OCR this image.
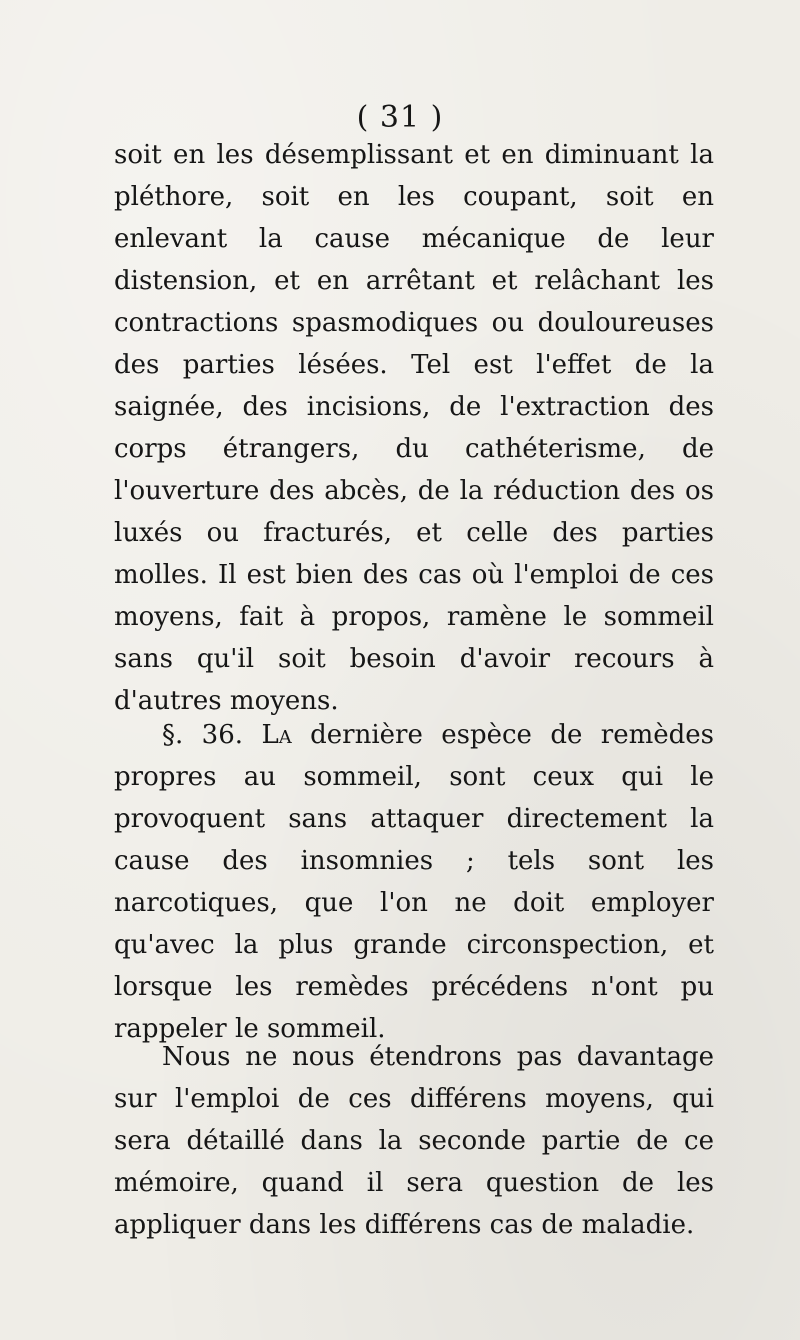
( 31 )

soit en les désemplissant et en diminuant la pléthore, soit en les coupant, soit en enlevant la cause mécanique de leur distension, et en arrêtant et relâchant les contractions spasmodiques ou douloureuses des parties lésées. Tel est l'effet de la saignée, des incisions, de l'extraction des corps étrangers, du cathéterisme, de l'ouverture des abcès, de la réduction des os luxés ou fracturés, et celle des parties molles. Il est bien des cas où l'emploi de ces moyens, fait à propos, ramène le sommeil sans qu'il soit besoin d'avoir recours à d'autres moyens.

§. 36. La dernière espèce de remèdes propres au sommeil, sont ceux qui le provoquent sans attaquer directement la cause des insomnies ; tels sont les narcotiques, que l'on ne doit employer qu'avec la plus grande circonspection, et lorsque les remèdes précédens n'ont pu rappeler le sommeil.

Nous ne nous étendrons pas davantage sur l'emploi de ces différens moyens, qui sera détaillé dans la seconde partie de ce mémoire, quand il sera question de les appliquer dans les différens cas de maladie.
